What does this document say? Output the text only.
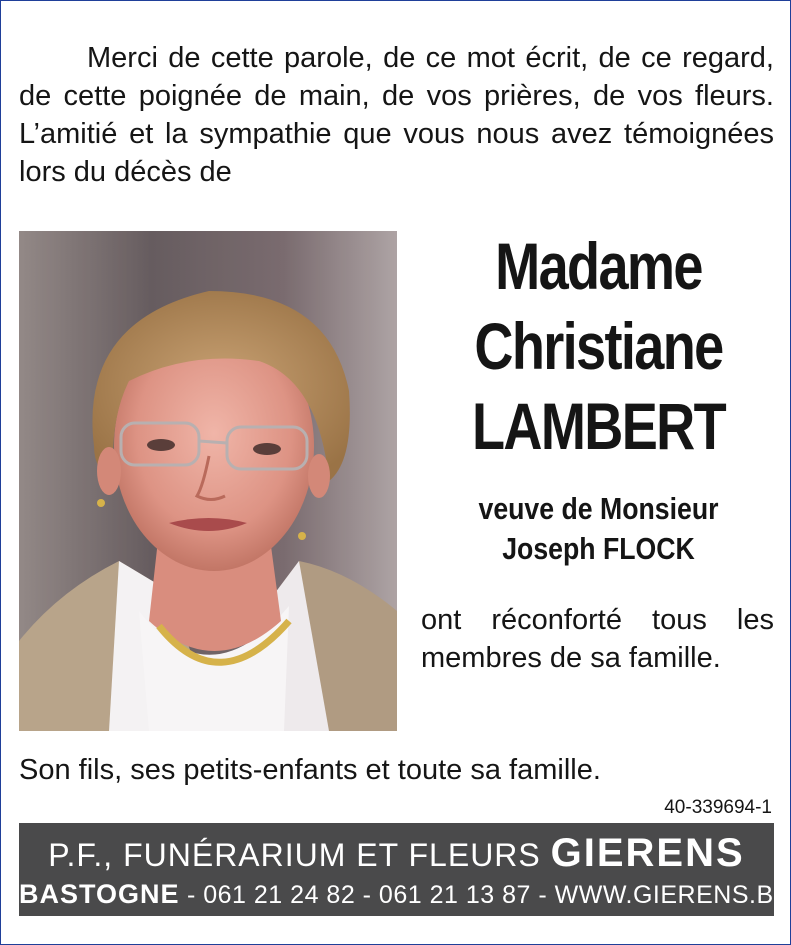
Merci de cette parole, de ce mot écrit, de ce regard, de cette poignée de main, de vos prières, de vos fleurs. L’amitié et la sympathie que vous nous avez témoignées lors du décès de
Madame
Christiane
LAMBERT
veuve de Monsieur
Joseph FLOCK
ont réconforté tous les membres de sa famille.
Son fils, ses petits-enfants et toute sa famille.
40-339694-1
P.F., FUNÉRARIUM ET FLEURS GIERENS
BASTOGNE - 061 21 24 82 - 061 21 13 87 - WWW.GIERENS.BE
